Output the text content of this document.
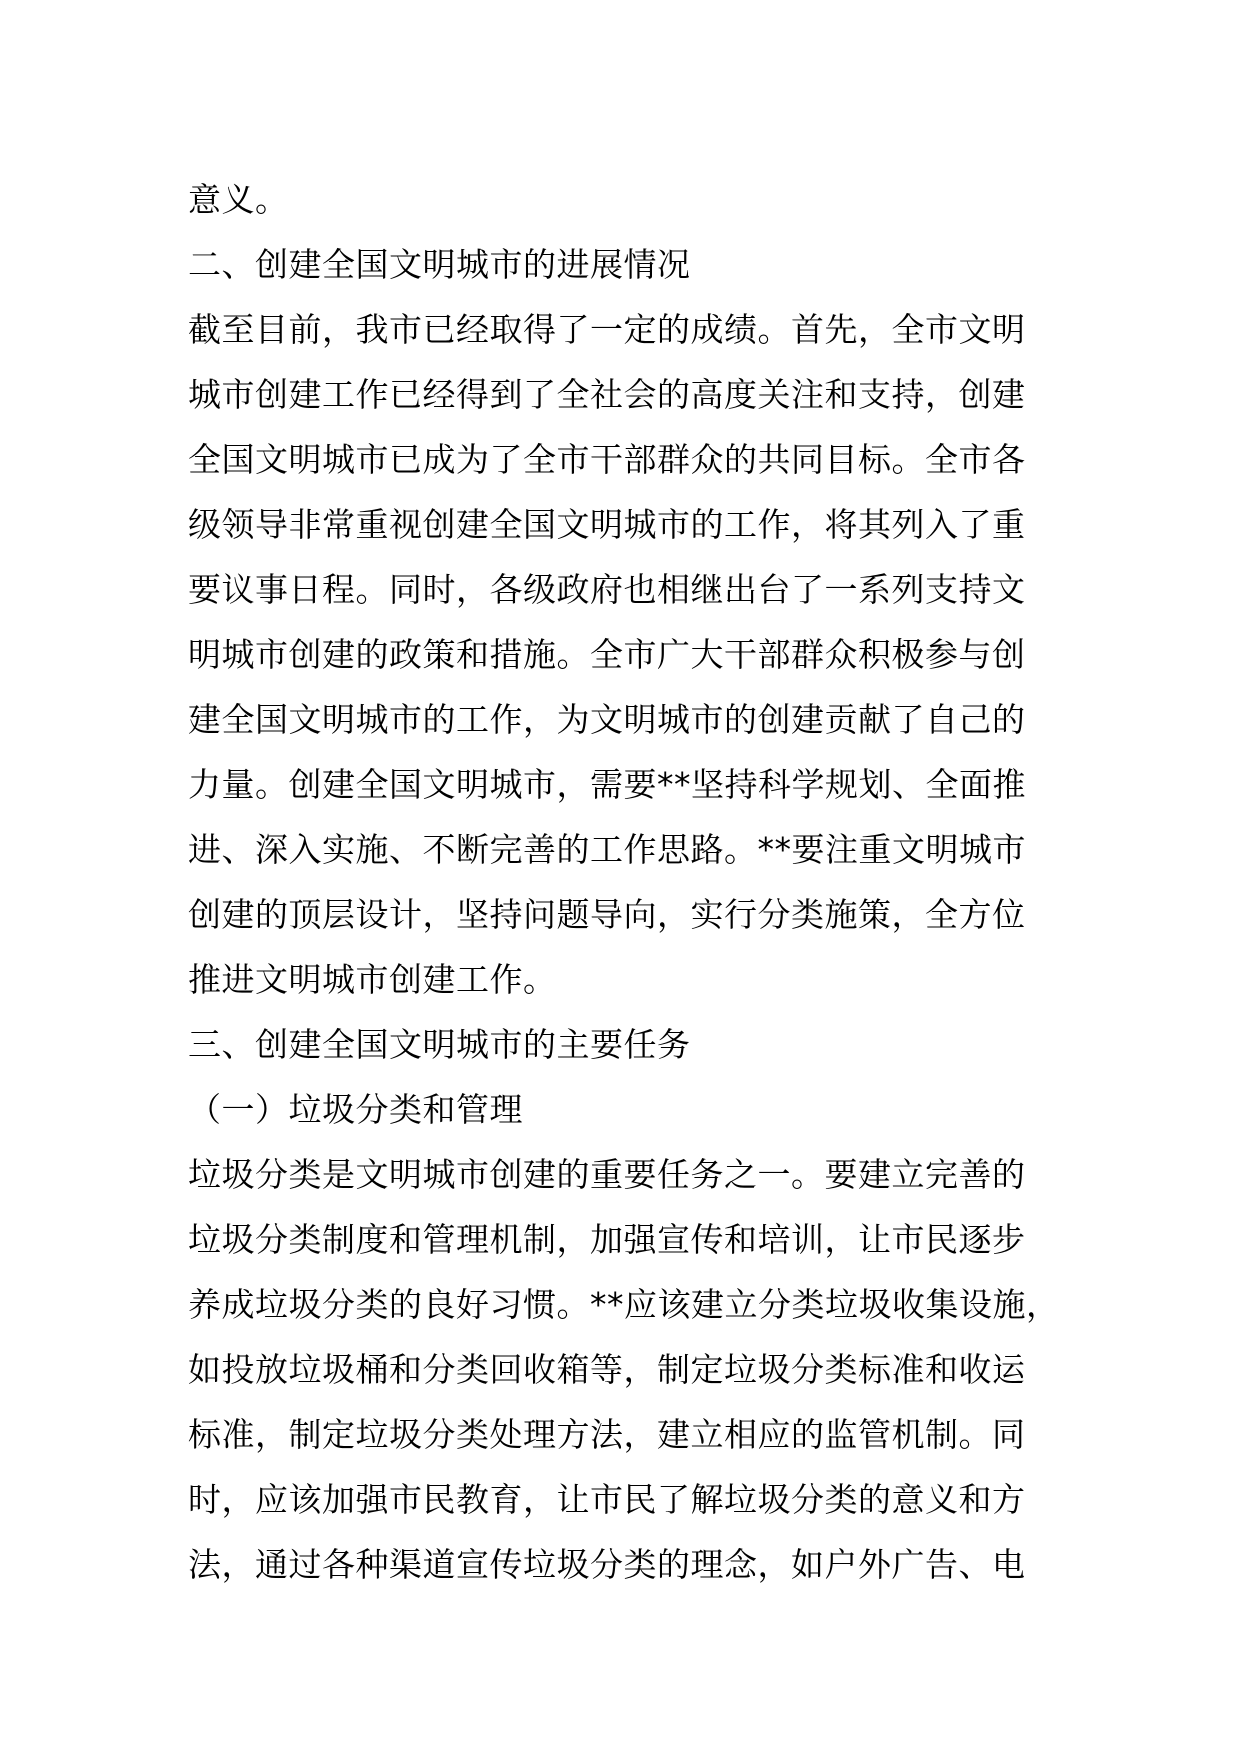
意义。
二、创建全国文明城市的进展情况
截至目前，我市已经取得了一定的成绩。首先，全市文明
城市创建工作已经得到了全社会的高度关注和支持，创建
全国文明城市已成为了全市干部群众的共同目标。全市各
级领导非常重视创建全国文明城市的工作，将其列入了重
要议事日程。同时，各级政府也相继出台了一系列支持文
明城市创建的政策和措施。全市广大干部群众积极参与创
建全国文明城市的工作，为文明城市的创建贡献了自己的
力量。创建全国文明城市，需要**坚持科学规划、全面推
进、深入实施、不断完善的工作思路。**要注重文明城市
创建的顶层设计，坚持问题导向，实行分类施策，全方位
推进文明城市创建工作。
三、创建全国文明城市的主要任务
（一）垃圾分类和管理
垃圾分类是文明城市创建的重要任务之一。要建立完善的
垃圾分类制度和管理机制，加强宣传和培训，让市民逐步
养成垃圾分类的良好习惯。**应该建立分类垃圾收集设施，
如投放垃圾桶和分类回收箱等，制定垃圾分类标准和收运
标准，制定垃圾分类处理方法，建立相应的监管机制。同
时，应该加强市民教育，让市民了解垃圾分类的意义和方
法，通过各种渠道宣传垃圾分类的理念，如户外广告、电
